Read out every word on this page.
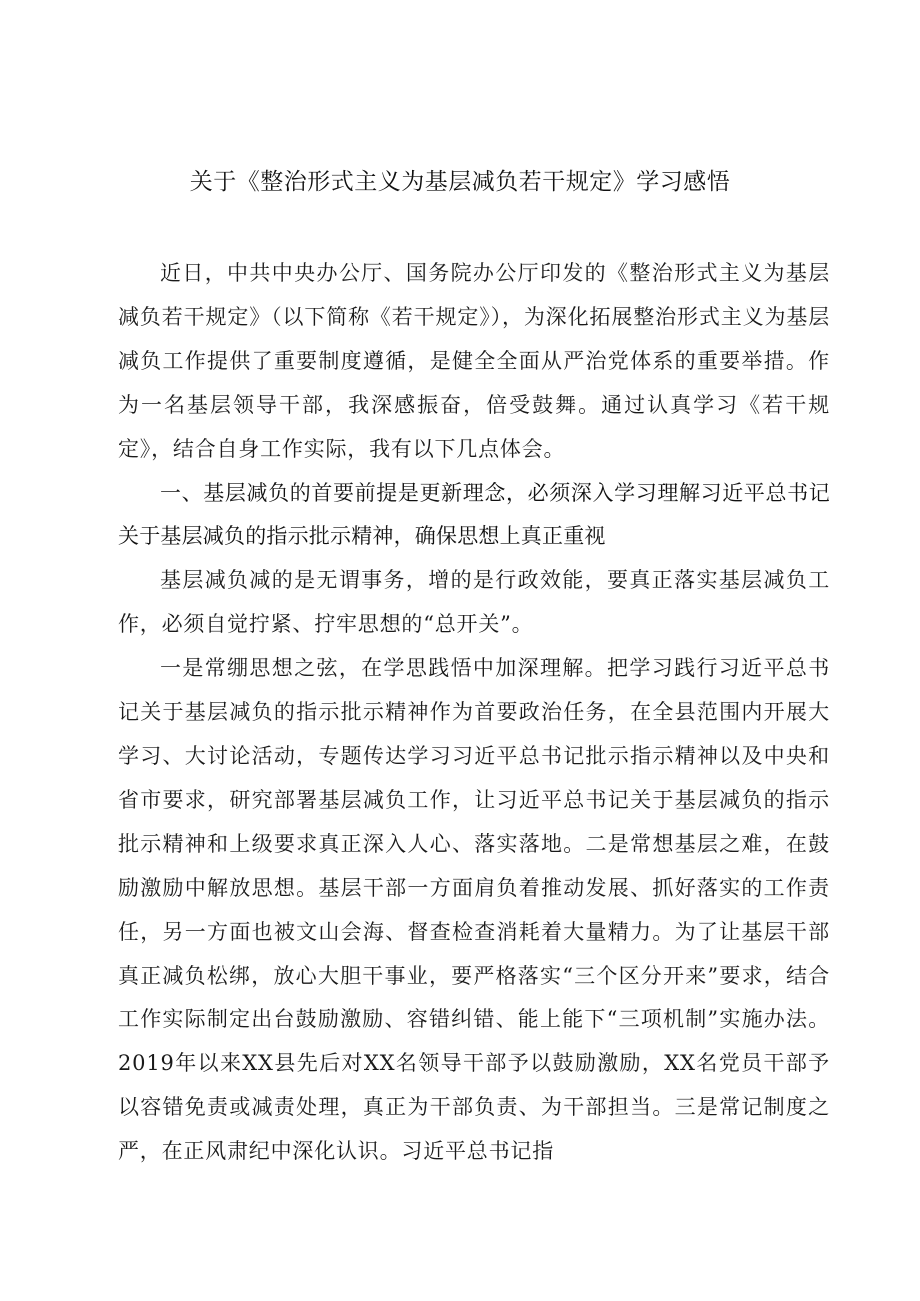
关于《整治形式主义为基层减负若干规定》学习感悟

近日，中共中央办公厅、国务院办公厅印发的《整治形式主义为基层减负若干规定》（以下简称《若干规定》），为深化拓展整治形式主义为基层减负工作提供了重要制度遵循，是健全全面从严治党体系的重要举措。作为一名基层领导干部，我深感振奋，倍受鼓舞。通过认真学习《若干规定》，结合自身工作实际，我有以下几点体会。

一、基层减负的首要前提是更新理念，必须深入学习理解习近平总书记关于基层减负的指示批示精神，确保思想上真正重视

基层减负减的是无谓事务，增的是行政效能，要真正落实基层减负工作，必须自觉拧紧、拧牢思想的“总开关”。

一是常绷思想之弦，在学思践悟中加深理解。把学习践行习近平总书记关于基层减负的指示批示精神作为首要政治任务，在全县范围内开展大学习、大讨论活动，专题传达学习习近平总书记批示指示精神以及中央和省市要求，研究部署基层减负工作，让习近平总书记关于基层减负的指示批示精神和上级要求真正深入人心、落实落地。二是常想基层之难，在鼓励激励中解放思想。基层干部一方面肩负着推动发展、抓好落实的工作责任，另一方面也被文山会海、督查检查消耗着大量精力。为了让基层干部真正减负松绑，放心大胆干事业，要严格落实“三个区分开来”要求，结合工作实际制定出台鼓励激励、容错纠错、能上能下“三项机制”实施办法。2019年以来XX县先后对XX名领导干部予以鼓励激励，XX名党员干部予以容错免责或减责处理，真正为干部负责、为干部担当。三是常记制度之严，在正风肃纪中深化认识。习近平总书记指
